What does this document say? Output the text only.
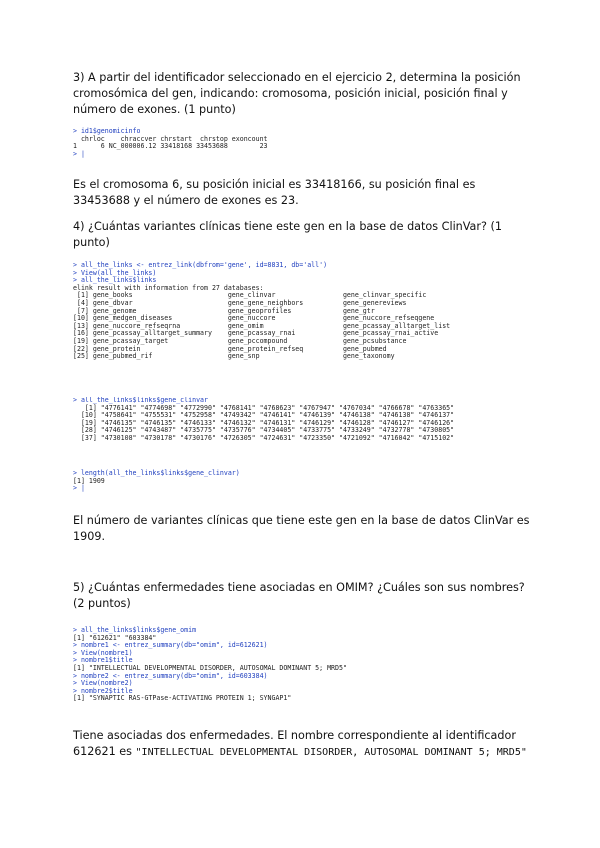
3) A partir del identificador seleccionado en el ejercicio 2, determina la posición cromosómica del gen, indicando: cromosoma, posición inicial, posición final y número de exones. (1 punto)

> id1$genomicinfo
chrloc    chraccver chrstart  chrstop exoncount
1      6 NC_000006.12 33418168 33453688        23
> |

Es el cromosoma 6, su posición inicial es 33418166, su posición final es 33453688 y el número de exones es 23.

4) ¿Cuántas variantes clínicas tiene este gen en la base de datos ClinVar? (1 punto)

> all_the_links <- entrez_link(dbfrom='gene', id=8831, db='all')
> View(all_the_links)
> all_the_links$links
elink result with information from 27 databases:
[1] gene_books                        gene_clinvar                 gene_clinvar_specific
[4] gene_dbvar                        gene_gene_neighbors          gene_genereviews
[7] gene_genome                       gene_geoprofiles             gene_gtr
[10] gene_medgen_diseases              gene_nuccore                 gene_nuccore_refseqgene
[13] gene_nuccore_refseqrna            gene_omim                    gene_pcassay_alltarget_list
[16] gene_pcassay_alltarget_summary    gene_pcassay_rnai            gene_pcassay_rnai_active
[19] gene_pcassay_target               gene_pccompound              gene_pcsubstance
[22] gene_protein                      gene_protein_refseq          gene_pubmed
[25] gene_pubmed_rif                   gene_snp                     gene_taxonomy
> all_the_links$links$gene_clinvar
[1] "4776141" "4774698" "4772990" "4768141" "4768623" "4767947" "4767034" "4766678" "4763365"
[10] "4758641" "4755531" "4752958" "4749342" "4746141" "4746139" "4746138" "4746138" "4746137"
[19] "4746135" "4746135" "4746133" "4746132" "4746131" "4746129" "4746128" "4746127" "4746126"
[28] "4746125" "4743487" "4735775" "4735776" "4734405" "4733775" "4733249" "4732778" "4730805"
[37] "4730108" "4730178" "4730176" "4726305" "4724631" "4723350" "4721092" "4716042" "4715102"
> length(all_the_links$links$gene_clinvar)
[1] 1909
> |

El número de variantes clínicas que tiene este gen en la base de datos ClinVar es 1909.

5) ¿Cuántas enfermedades tiene asociadas en OMIM? ¿Cuáles son sus nombres? (2 puntos)

> all_the_links$links$gene_omim
[1] "612621" "603384"
> nombre1 <- entrez_summary(db="omim", id=612621)
> View(nombre1)
> nombre1$title
[1] "INTELLECTUAL DEVELOPMENTAL DISORDER, AUTOSOMAL DOMINANT 5; MRD5"
> nombre2 <- entrez_summary(db="omim", id=603384)
> View(nombre2)
> nombre2$title
[1] "SYNAPTIC RAS-GTPase-ACTIVATING PROTEIN 1; SYNGAP1"

Tiene asociadas dos enfermedades. El nombre correspondiente al identificador 612621 es "INTELLECTUAL DEVELOPMENTAL DISORDER, AUTOSOMAL DOMINANT 5; MRD5"
